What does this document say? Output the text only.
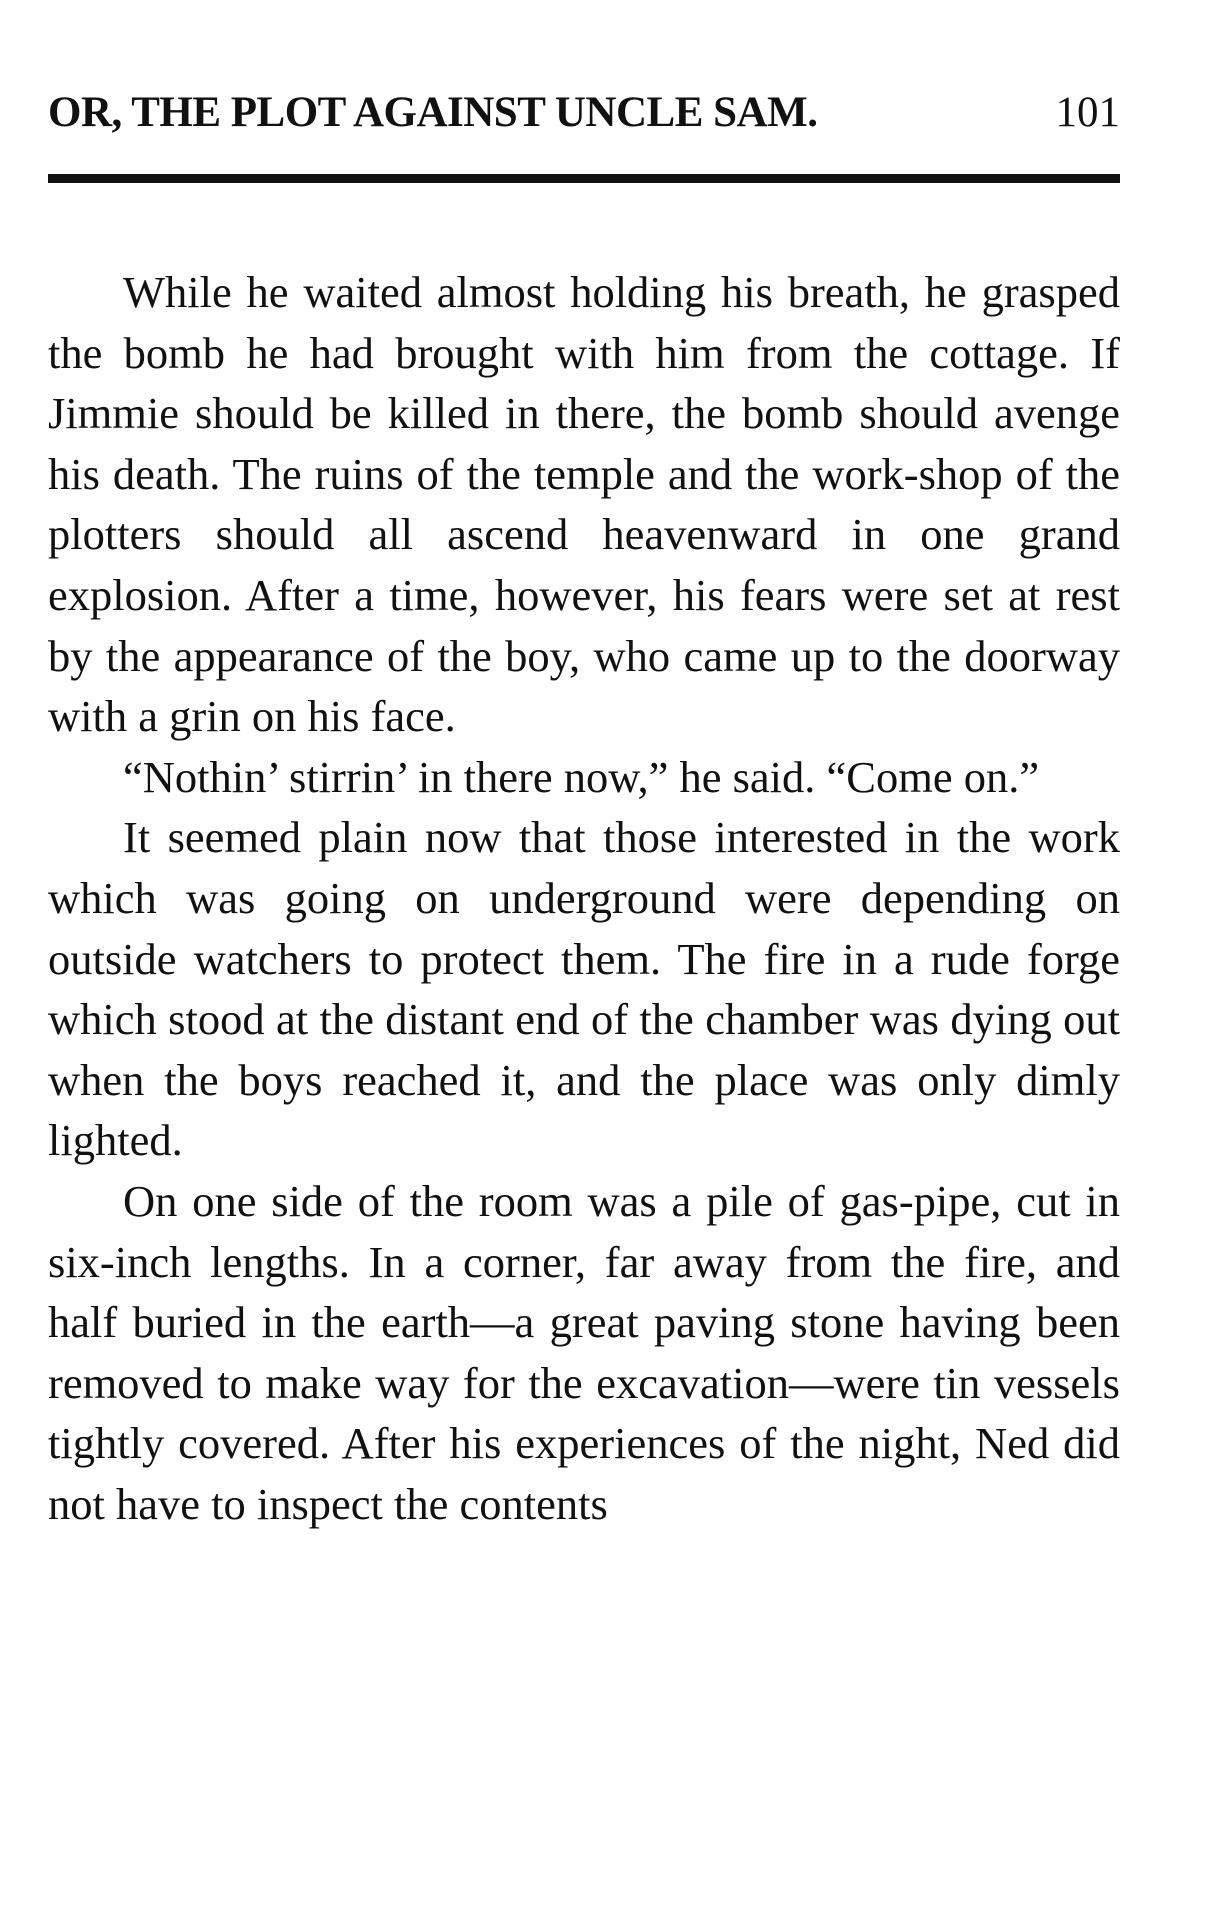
OR, THE PLOT AGAINST UNCLE SAM.	101

While he waited almost holding his breath, he grasped the bomb he had brought with him from the cottage. If Jimmie should be killed in there, the bomb should avenge his death. The ruins of the temple and the work-shop of the plotters should all ascend heavenward in one grand explosion. After a time, however, his fears were set at rest by the appearance of the boy, who came up to the doorway with a grin on his face.

“Nothin’ stirrin’ in there now,” he said. “Come on.”

It seemed plain now that those interested in the work which was going on underground were depending on outside watchers to protect them. The fire in a rude forge which stood at the distant end of the chamber was dying out when the boys reached it, and the place was only dimly lighted.

On one side of the room was a pile of gas-pipe, cut in six-inch lengths. In a corner, far away from the fire, and half buried in the earth—a great paving stone having been removed to make way for the excavation—were tin vessels tightly covered. After his experiences of the night, Ned did not have to inspect the contents
